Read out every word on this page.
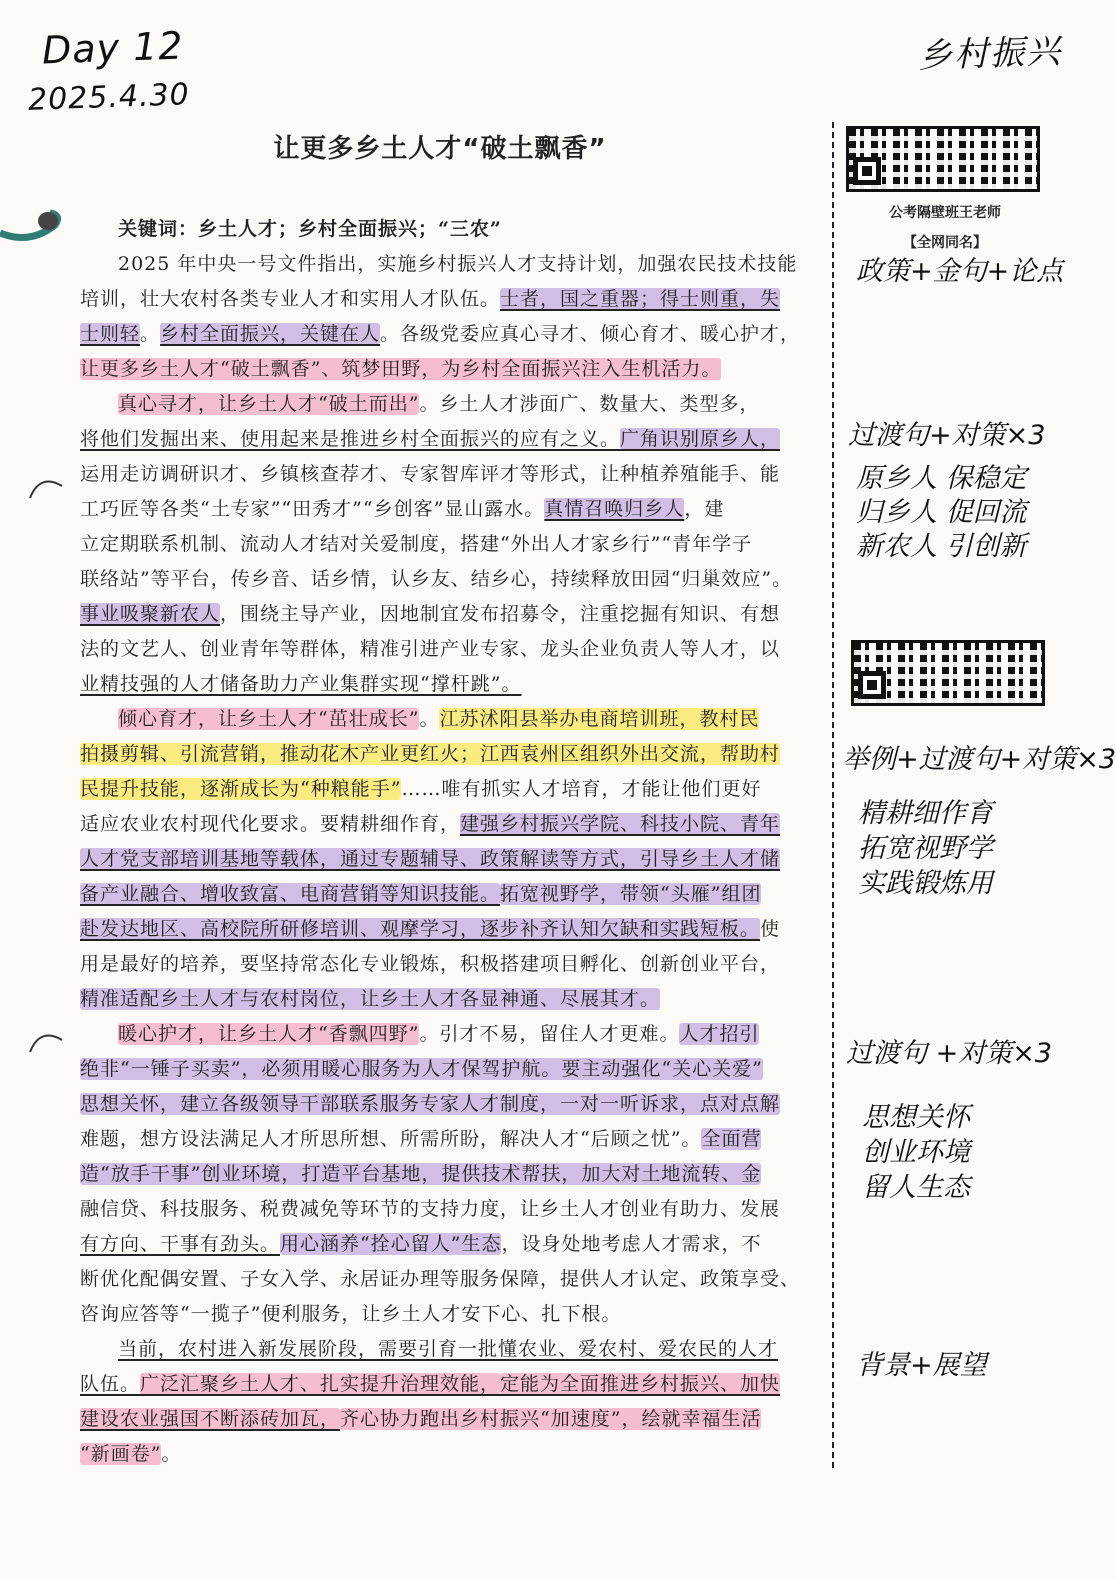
Day 12
2025.4.30
乡村振兴
让更多乡土人才“破土飘香”
关键词：乡土人才；乡村全面振兴；“三农”
2025 年中央一号文件指出，实施乡村振兴人才支持计划，加强农民技术技能
培训，壮大农村各类专业人才和实用人才队伍。士者，国之重器；得士则重，失
士则轻。乡村全面振兴，关键在人。各级党委应真心寻才、倾心育才、暖心护才，
让更多乡土人才“破土飘香”、筑梦田野，为乡村全面振兴注入生机活力。
真心寻才，让乡土人才“破土而出”。乡土人才涉面广、数量大、类型多，
将他们发掘出来、使用起来是推进乡村全面振兴的应有之义。广角识别原乡人，
运用走访调研识才、乡镇核查荐才、专家智库评才等形式，让种植养殖能手、能
工巧匠等各类“土专家”“田秀才”“乡创客”显山露水。真情召唤归乡人，建
立定期联系机制、流动人才结对关爱制度，搭建“外出人才家乡行”“青年学子
联络站”等平台，传乡音、话乡情，认乡友、结乡心，持续释放田园“归巢效应”。
事业吸聚新农人，围绕主导产业，因地制宜发布招募令，注重挖掘有知识、有想
法的文艺人、创业青年等群体，精准引进产业专家、龙头企业负责人等人才，以
业精技强的人才储备助力产业集群实现“撑杆跳”。
倾心育才，让乡土人才“茁壮成长”。江苏沭阳县举办电商培训班，教村民
拍摄剪辑、引流营销，推动花木产业更红火；江西袁州区组织外出交流，帮助村
民提升技能，逐渐成长为“种粮能手”……唯有抓实人才培育，才能让他们更好
适应农业农村现代化要求。要精耕细作育，建强乡村振兴学院、科技小院、青年
人才党支部培训基地等载体，通过专题辅导、政策解读等方式，引导乡土人才储
备产业融合、增收致富、电商营销等知识技能。拓宽视野学，带领“头雁”组团
赴发达地区、高校院所研修培训、观摩学习，逐步补齐认知欠缺和实践短板。使
用是最好的培养，要坚持常态化专业锻炼，积极搭建项目孵化、创新创业平台，
精准适配乡土人才与农村岗位，让乡土人才各显神通、尽展其才。
暖心护才，让乡土人才“香飘四野”。引才不易，留住人才更难。人才招引
绝非“一锤子买卖”，必须用暖心服务为人才保驾护航。要主动强化“关心关爱”
思想关怀，建立各级领导干部联系服务专家人才制度，一对一听诉求，点对点解
难题，想方设法满足人才所思所想、所需所盼，解决人才“后顾之忧”。全面营
造“放手干事”创业环境，打造平台基地，提供技术帮扶，加大对土地流转、金
融信贷、科技服务、税费减免等环节的支持力度，让乡土人才创业有助力、发展
有方向、干事有劲头。用心涵养“拴心留人”生态，设身处地考虑人才需求，不
断优化配偶安置、子女入学、永居证办理等服务保障，提供人才认定、政策享受、
咨询应答等“一揽子”便利服务，让乡土人才安下心、扎下根。
当前，农村进入新发展阶段，需要引育一批懂农业、爱农村、爱农民的人才
队伍。广泛汇聚乡土人才、扎实提升治理效能，定能为全面推进乡村振兴、加快
建设农业强国不断添砖加瓦，齐心协力跑出乡村振兴“加速度”，绘就幸福生活
“新画卷”。
公考隔壁班王老师
【全网同名】
政策+金句+论点
过渡句+对策×3
原乡人 保稳定
归乡人 促回流
新农人 引创新
举例+过渡句+对策×3
精耕细作育
拓宽视野学
实践锻炼用
过渡句 +对策×3
思想关怀
创业环境
留人生态
背景+展望
